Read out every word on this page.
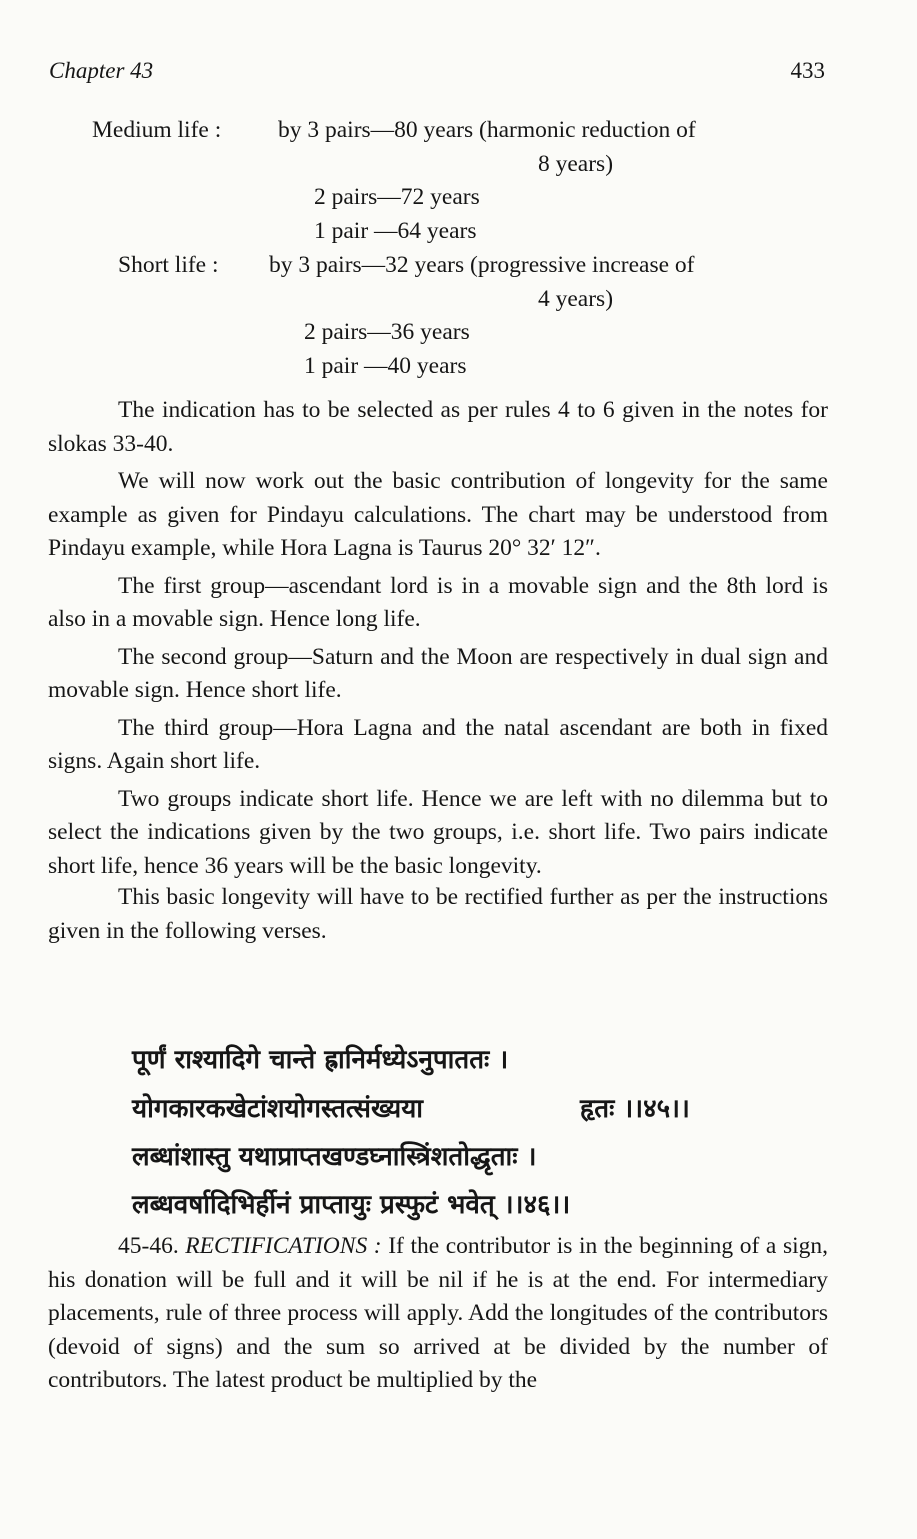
Chapter 43	433
Medium life : by 3 pairs—80 years (harmonic reduction of
8 years)
2 pairs—72 years
1 pair —64 years
Short life : by 3 pairs—32 years (progressive increase of
4 years)
2 pairs—36 years
1 pair —40 years

The indication has to be selected as per rules 4 to 6 given in the notes for slokas 33-40.

We will now work out the basic contribution of longevity for the same example as given for Pindayu calculations. The chart may be understood from Pindayu example, while Hora Lagna is Taurus 20° 32′ 12″.

The first group—ascendant lord is in a movable sign and the 8th lord is also in a movable sign. Hence long life.

The second group—Saturn and the Moon are respectively in dual sign and movable sign. Hence short life.

The third group—Hora Lagna and the natal ascendant are both in fixed signs. Again short life.

Two groups indicate short life. Hence we are left with no dilemma but to select the indications given by the two groups, i.e. short life. Two pairs indicate short life, hence 36 years will be the basic longevity.

This basic longevity will have to be rectified further as per the instructions given in the following verses.

पूर्णं राश्यादिगे चान्ते ह्रानिर्मध्येऽनुपाततः ।
योगकारकखेटांशयोगस्तत्संख्यया	हृतः ।।४५।।
लब्धांशास्तु यथाप्राप्तखण्डघ्नास्त्रिंशतोद्धृताः ।
लब्धवर्षादिभिर्हीनं प्राप्तायुः प्रस्फुटं भवेत् ।।४६।।

45-46. RECTIFICATIONS : If the contributor is in the beginning of a sign, his donation will be full and it will be nil if he is at the end. For intermediary placements, rule of three process will apply. Add the longitudes of the contributors (devoid of signs) and the sum so arrived at be divided by the number of contributors. The latest product be multiplied by the
